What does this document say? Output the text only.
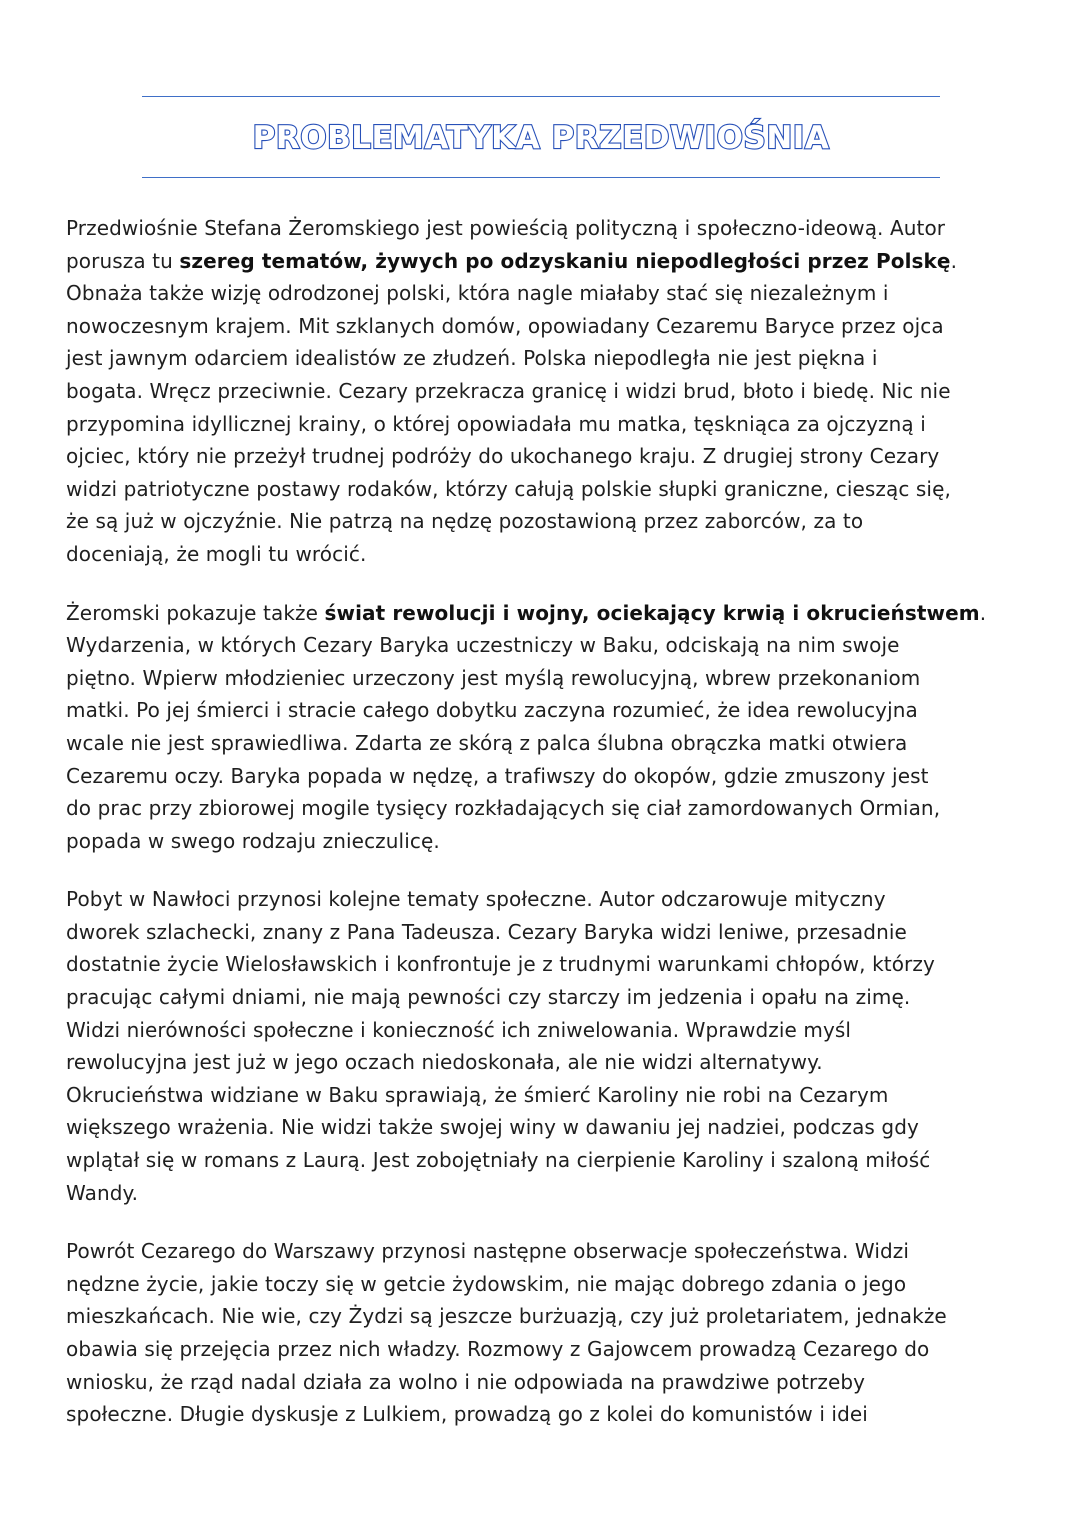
PROBLEMATYKA PRZEDWIOŚNIA

Przedwiośnie Stefana Żeromskiego jest powieścią polityczną i społeczno-ideową. Autor
porusza tu szereg tematów, żywych po odzyskaniu niepodległości przez Polskę.
Obnaża także wizję odrodzonej polski, która nagle miałaby stać się niezależnym i
nowoczesnym krajem. Mit szklanych domów, opowiadany Cezaremu Baryce przez ojca
jest jawnym odarciem idealistów ze złudzeń. Polska niepodległa nie jest piękna i
bogata. Wręcz przeciwnie. Cezary przekracza granicę i widzi brud, błoto i biedę. Nic nie
przypomina idyllicznej krainy, o której opowiadała mu matka, tęskniąca za ojczyzną i
ojciec, który nie przeżył trudnej podróży do ukochanego kraju. Z drugiej strony Cezary
widzi patriotyczne postawy rodaków, którzy całują polskie słupki graniczne, ciesząc się,
że są już w ojczyźnie. Nie patrzą na nędzę pozostawioną przez zaborców, za to
doceniają, że mogli tu wrócić.

Żeromski pokazuje także świat rewolucji i wojny, ociekający krwią i okrucieństwem.
Wydarzenia, w których Cezary Baryka uczestniczy w Baku, odciskają na nim swoje
piętno. Wpierw młodzieniec urzeczony jest myślą rewolucyjną, wbrew przekonaniom
matki. Po jej śmierci i stracie całego dobytku zaczyna rozumieć, że idea rewolucyjna
wcale nie jest sprawiedliwa. Zdarta ze skórą z palca ślubna obrączka matki otwiera
Cezaremu oczy. Baryka popada w nędzę, a trafiwszy do okopów, gdzie zmuszony jest
do prac przy zbiorowej mogile tysięcy rozkładających się ciał zamordowanych Ormian,
popada w swego rodzaju znieczulicę.

Pobyt w Nawłoci przynosi kolejne tematy społeczne. Autor odczarowuje mityczny
dworek szlachecki, znany z Pana Tadeusza. Cezary Baryka widzi leniwe, przesadnie
dostatnie życie Wielosławskich i konfrontuje je z trudnymi warunkami chłopów, którzy
pracując całymi dniami, nie mają pewności czy starczy im jedzenia i opału na zimę.
Widzi nierówności społeczne i konieczność ich zniwelowania. Wprawdzie myśl
rewolucyjna jest już w jego oczach niedoskonała, ale nie widzi alternatywy.
Okrucieństwa widziane w Baku sprawiają, że śmierć Karoliny nie robi na Cezarym
większego wrażenia. Nie widzi także swojej winy w dawaniu jej nadziei, podczas gdy
wplątał się w romans z Laurą. Jest zobojętniały na cierpienie Karoliny i szaloną miłość
Wandy.

Powrót Cezarego do Warszawy przynosi następne obserwacje społeczeństwa. Widzi
nędzne życie, jakie toczy się w getcie żydowskim, nie mając dobrego zdania o jego
mieszkańcach. Nie wie, czy Żydzi są jeszcze burżuazją, czy już proletariatem, jednakże
obawia się przejęcia przez nich władzy. Rozmowy z Gajowcem prowadzą Cezarego do
wniosku, że rząd nadal działa za wolno i nie odpowiada na prawdziwe potrzeby
społeczne. Długie dyskusje z Lulkiem, prowadzą go z kolei do komunistów i idei
